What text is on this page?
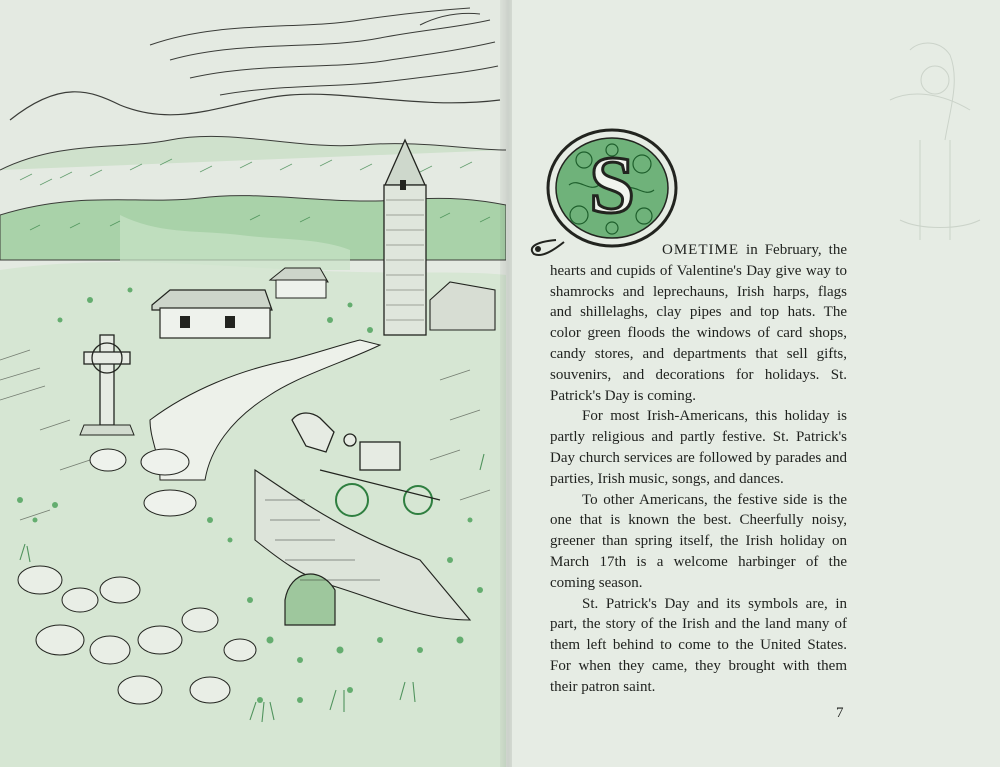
S

OMETIME in February, the hearts and cupids of Valentine's Day give way to shamrocks and leprechauns, Irish harps, flags and shillelaghs, clay pipes and top hats. The color green floods the windows of card shops, candy stores, and departments that sell gifts, souvenirs, and decorations for holidays. St. Patrick's Day is coming.

For most Irish-Americans, this holiday is partly religious and partly festive. St. Patrick's Day church services are followed by parades and parties, Irish music, songs, and dances.

To other Americans, the festive side is the one that is known the best. Cheerfully noisy, greener than spring itself, the Irish holiday on March 17th is a welcome harbinger of the coming season.

St. Patrick's Day and its symbols are, in part, the story of the Irish and the land many of them left behind to come to the United States. For when they came, they brought with them their patron saint.

7
